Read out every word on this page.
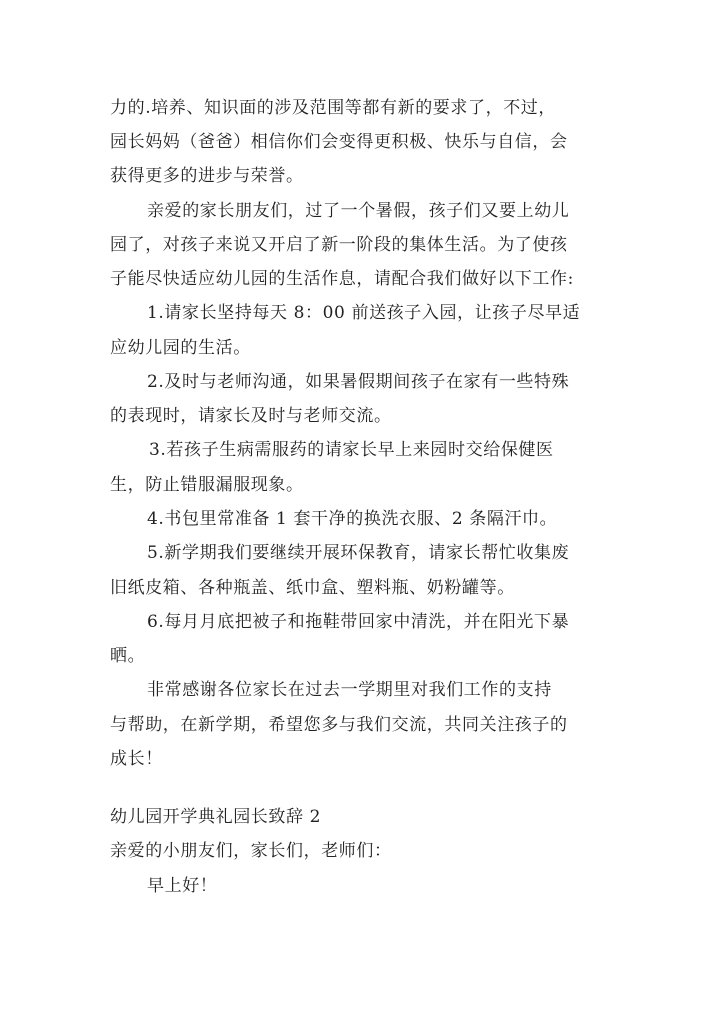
力的.培养、知识面的涉及范围等都有新的要求了，不过，
园长妈妈（爸爸）相信你们会变得更积极、快乐与自信，会
获得更多的进步与荣誉。
亲爱的家长朋友们，过了一个暑假，孩子们又要上幼儿
园了，对孩子来说又开启了新一阶段的集体生活。为了使孩
子能尽快适应幼儿园的生活作息，请配合我们做好以下工作:
1.请家长坚持每天 8：00 前送孩子入园，让孩子尽早适
应幼儿园的生活。
2.及时与老师沟通，如果暑假期间孩子在家有一些特殊
的表现时，请家长及时与老师交流。
3.若孩子生病需服药的请家长早上来园时交给保健医
生，防止错服漏服现象。
4.书包里常准备 1 套干净的换洗衣服、2 条隔汗巾。
5.新学期我们要继续开展环保教育，请家长帮忙收集废
旧纸皮箱、各种瓶盖、纸巾盒、塑料瓶、奶粉罐等。
6.每月月底把被子和拖鞋带回家中清洗，并在阳光下暴
晒。
非常感谢各位家长在过去一学期里对我们工作的支持
与帮助，在新学期，希望您多与我们交流，共同关注孩子的
成长！
幼儿园开学典礼园长致辞 2
亲爱的小朋友们，家长们，老师们：
早上好！
